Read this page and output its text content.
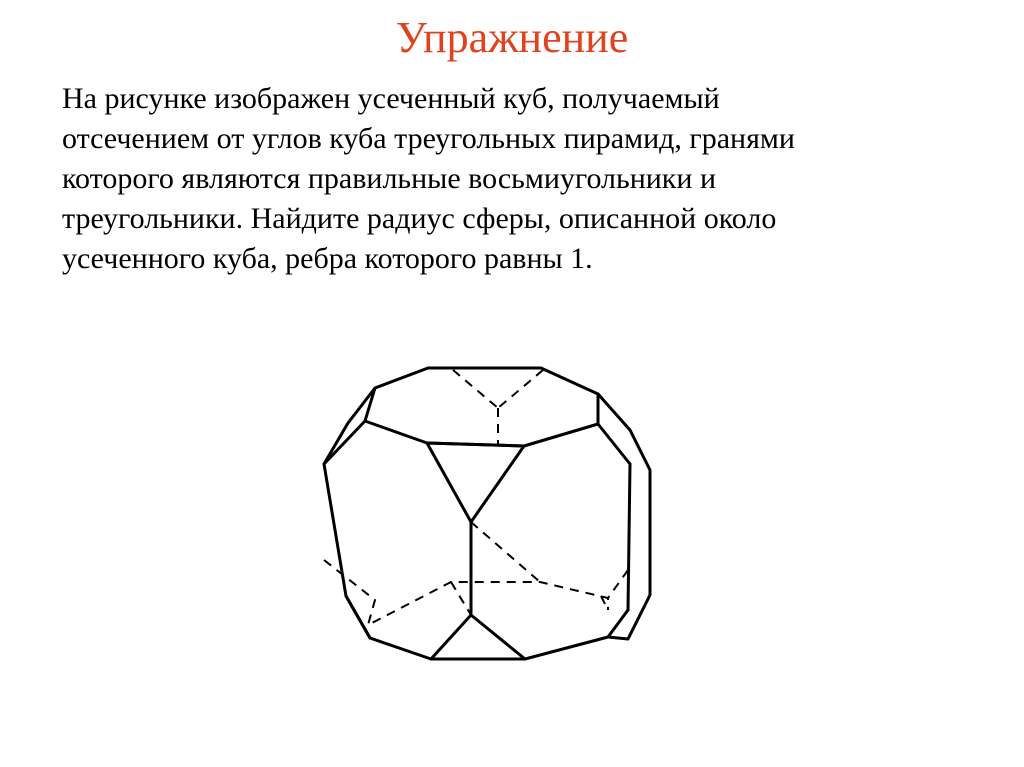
Упражнение

На рисунке изображен усеченный куб, получаемый
отсечением от углов куба треугольных пирамид, гранями
которого являются правильные восьмиугольники и
треугольники. Найдите радиус сферы, описанной около
усеченного куба, ребра которого равны 1.
